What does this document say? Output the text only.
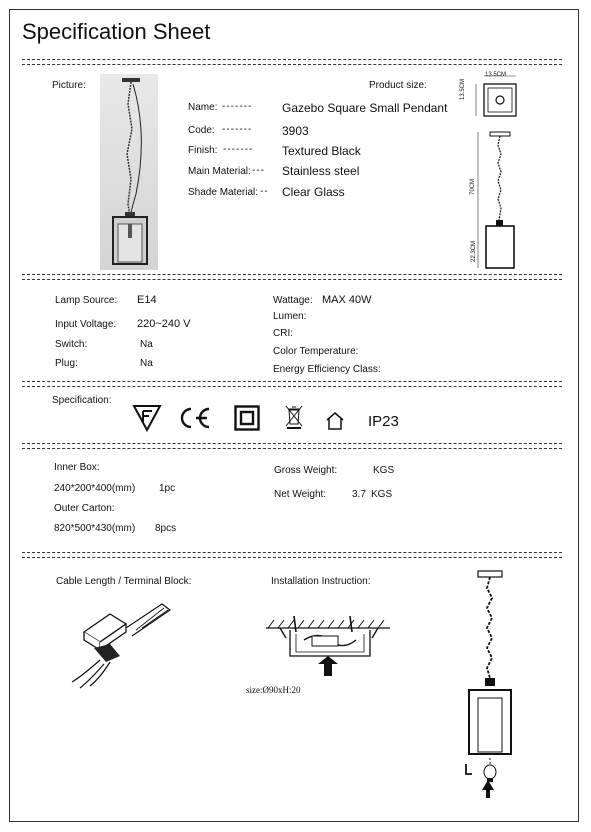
Specification Sheet
Picture:
Name: ------- Gazebo Square Small Pendant
Code: ------- 3903
Finish: ------- Textured Black
Main Material: --- Stainless steel
Shade Material: -- Clear Glass
Product size:
13.5CM
13.5CM
70CM
22.3CM
Lamp Source: E14
Input Voltage: 220~240 V
Switch:	Na
Plug:	Na
Wattage: MAX 40W
Lumen:
CRI:
Color Temperature:
Energy Efficiency Class:
Specification:
IP23
Inner Box:
240*200*400(mm) 1pc
Outer Carton:
820*500*430(mm) 8pcs
Gross Weight:	KGS
Net Weight:	3.7 KGS
Cable Length / Terminal Block:	Installation Instruction:
size:Ø90xH:20
